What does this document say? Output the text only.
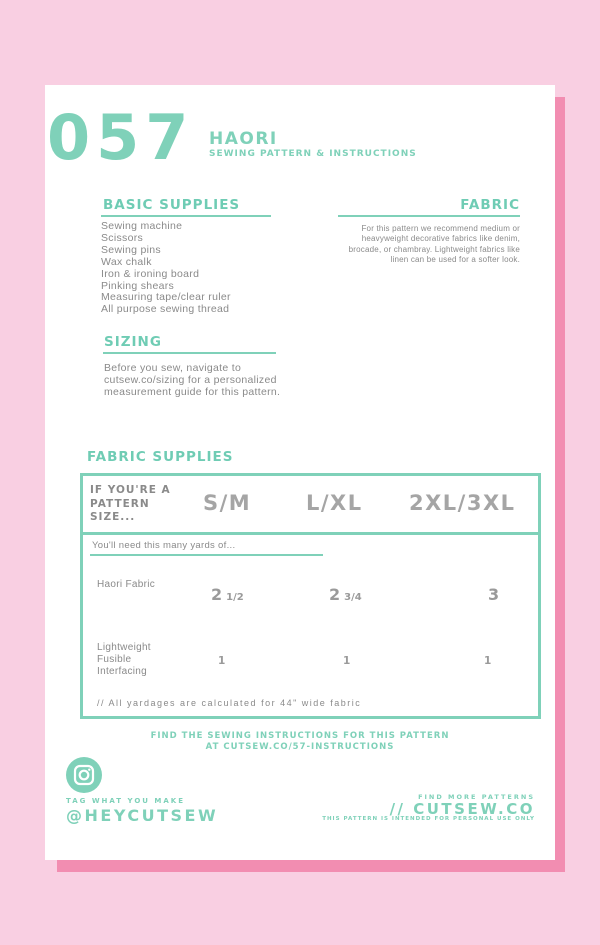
057 HAORI
SEWING PATTERN & INSTRUCTIONS
BASIC SUPPLIES
Sewing machine
Scissors
Sewing pins
Wax chalk
Iron & ironing board
Pinking shears
Measuring tape/clear ruler
All purpose sewing thread
FABRIC
For this pattern we recommend medium or heavyweight decorative fabrics like denim, brocade, or chambray. Lightweight fabrics like linen can be used for a softer look.
SIZING
Before you sew, navigate to cutsew.co/sizing for a personalized measurement guide for this pattern.
FABRIC SUPPLIES
IF YOU'RE A PATTERN SIZE...
S/M	L/XL 2XL/3XL
You'll need this many yards of...
Haori Fabric
2 1/2	2 3/4	3
Lightweight Fusible Interfacing
1	1	1
// All yardages are calculated for 44" wide fabric
FIND THE SEWING INSTRUCTIONS FOR THIS PATTERN
AT CUTSEW.CO/57-INSTRUCTIONS
TAG WHAT YOU MAKE
@HEYCUTSEW
FIND MORE PATTERNS
// CUTSEW.CO
THIS PATTERN IS INTENDED FOR PERSONAL USE ONLY
